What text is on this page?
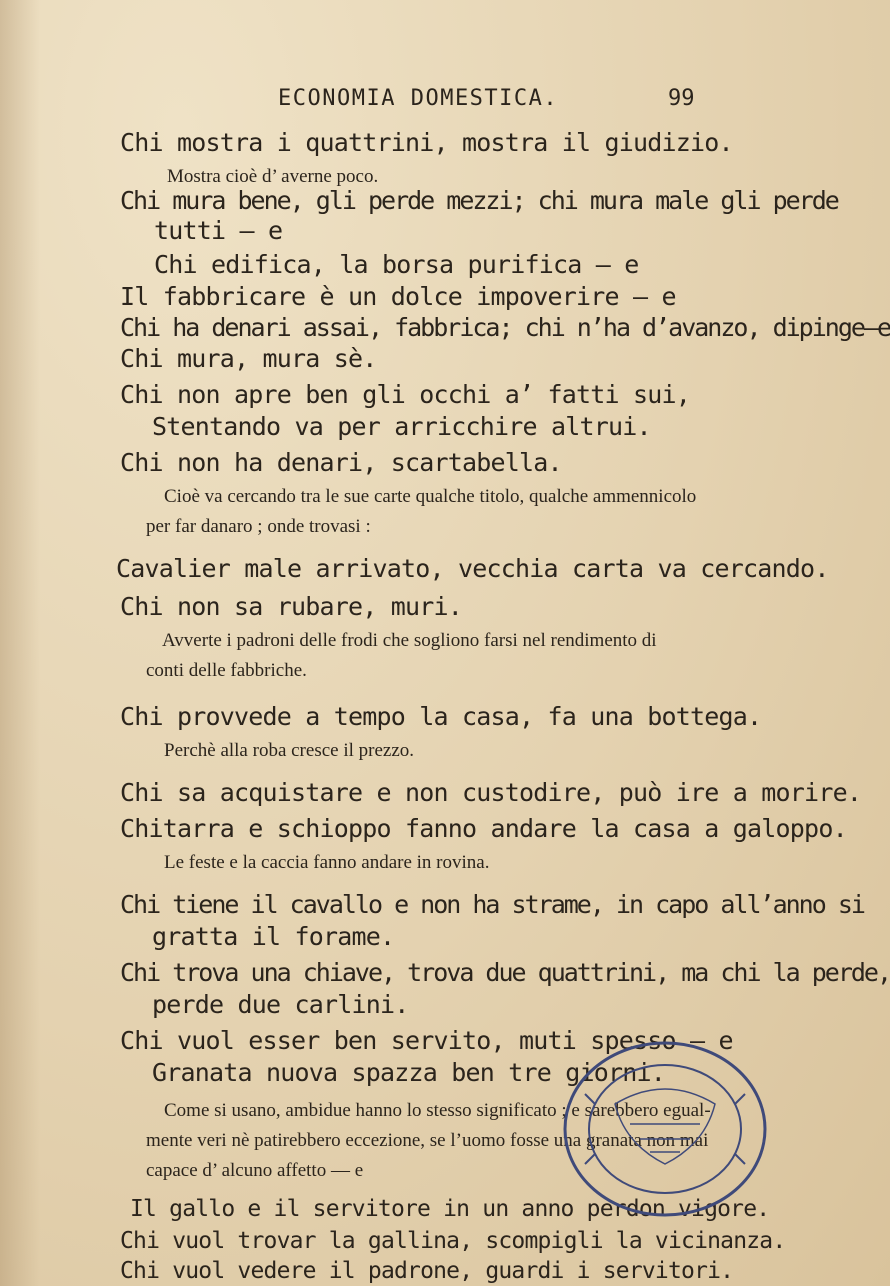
ECONOMIA DOMESTICA.	99
Chi mostra i quattrini, mostra il giudizio.
Mostra cioè d’ averne poco.
Chi mura bene, gli perde mezzi; chi mura male gli perde
tutti — e
Chi edifica, la borsa purifica — e
Il fabbricare è un dolce impoverire — e
Chi ha denari assai, fabbrica; chi n’ha d’avanzo, dipinge—e
Chi mura, mura sè.
Chi non apre ben gli occhi a’ fatti sui,
Stentando va per arricchire altrui.
Chi non ha denari, scartabella.
Cioè va cercando tra le sue carte qualche titolo, qualche ammennicolo
per far danaro ; onde trovasi :
Cavalier male arrivato, vecchia carta va cercando.
Chi non sa rubare, muri.
Avverte i padroni delle frodi che sogliono farsi nel rendimento di
conti delle fabbriche.
Chi provvede a tempo la casa, fa una bottega.
Perchè alla roba cresce il prezzo.
Chi sa acquistare e non custodire, può ire a morire.
Chitarra e schioppo fanno andare la casa a galoppo.
Le feste e la caccia fanno andare in rovina.
Chi tiene il cavallo e non ha strame, in capo all’anno si
gratta il forame.
Chi trova una chiave, trova due quattrini, ma chi la perde,
perde due carlini.
Chi vuol esser ben servito, muti spesso — e
Granata nuova spazza ben tre giorni.
Come si usano, ambidue hanno lo stesso significato ; e sarebbero egual-
mente veri nè patirebbero eccezione, se l’uomo fosse una granata non mai
capace d’ alcuno affetto — e
Il gallo e il servitore in un anno perdon vigore.
Chi vuol trovar la gallina, scompigli la vicinanza.
Chi vuol vedere il padrone, guardi i servitori.
